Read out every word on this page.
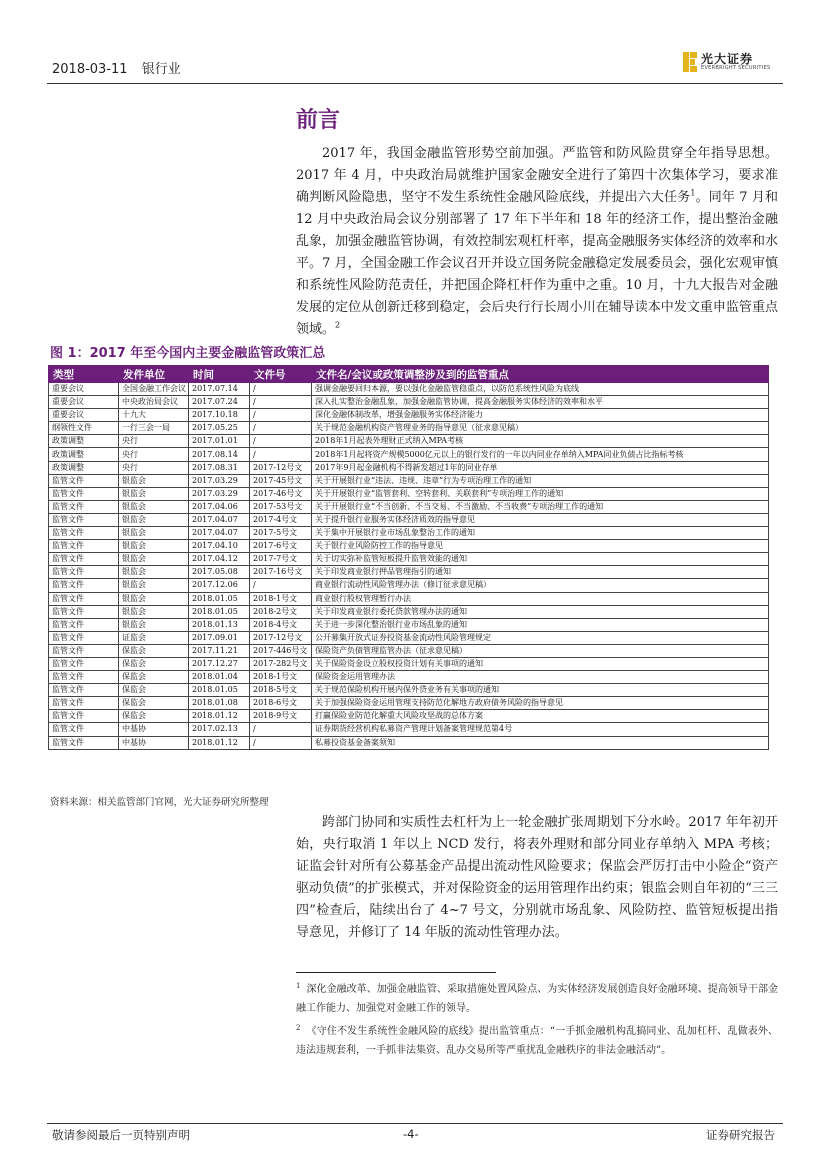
2018-03-11 银行业
光大证券
EVERBRIGHT SECURITIES
前言

2017 年，我国金融监管形势空前加强。严监管和防风险贯穿全年指导思想。2017 年 4 月，中央政治局就维护国家金融安全进行了第四十次集体学习，要求准确判断风险隐患，坚守不发生系统性金融风险底线，并提出六大任务$^1$。同年 7 月和 12 月中央政治局会议分别部署了 17 年下半年和 18 年的经济工作，提出整治金融乱象，加强金融监管协调，有效控制宏观杠杆率，提高金融服务实体经济的效率和水平。7 月，全国金融工作会议召开并设立国务院金融稳定发展委员会，强化宏观审慎和系统性风险防范责任，并把国企降杠杆作为重中之重。10 月，十九大报告对金融发展的定位从创新迁移到稳定，会后央行行长周小川在辅导读本中发文重申监管重点领域。$^2$

图 1：2017 年至今国内主要金融监管政策汇总
类型	发件单位	时间	文件号	文件名/会议或政策调整涉及到的监管重点
重要会议	全国金融工作会议	2017.07.14	/	强调金融要回归本源，要以强化金融监管稳重点，以防范系统性风险为底线
重要会议	中央政治局会议	2017.07.24	/	深入扎实整治金融乱象，加强金融监管协调，提高金融服务实体经济的效率和水平
重要会议	十九大	2017.10.18	/	深化金融体制改革，增强金融服务实体经济能力
纲领性文件	一行三会一局	2017.05.25	/	关于规范金融机构资产管理业务的指导意见（征求意见稿）
政策调整	央行	2017.01.01	/	2018年1月起表外理财正式纳入MPA考核
政策调整	央行	2017.08.14	/	2018年1月起将资产规模5000亿元以上的银行发行的一年以内同业存单纳入MPA同业负债占比指标考核
政策调整	央行	2017.08.31	2017-12号文	2017年9月起金融机构不得新发超过1年的同业存单
监管文件	银监会	2017.03.29	2017-45号文	关于开展银行业“违法、违规、违章”行为专项治理工作的通知
监管文件	银监会	2017.03.29	2017-46号文	关于开展银行业“监管套利、空转套利、关联套利”专项治理工作的通知
监管文件	银监会	2017.04.06	2017-53号文	关于开展银行业“不当创新、不当交易、不当激励、不当收费”专项治理工作的通知
监管文件	银监会	2017.04.07	2017-4号文	关于提升银行业服务实体经济质效的指导意见
监管文件	银监会	2017.04.07	2017-5号文	关于集中开展银行业市场乱象整治工作的通知
监管文件	银监会	2017.04.10	2017-6号文	关于银行业风险防控工作的指导意见
监管文件	银监会	2017.04.12	2017-7号文	关于切实弥补监管短板提升监管效能的通知
监管文件	银监会	2017.05.08	2017-16号文	关于印发商业银行押品管理指引的通知
监管文件	银监会	2017.12.06	/	商业银行流动性风险管理办法（修订征求意见稿）
监管文件	银监会	2018.01.05	2018-1号文	商业银行股权管理暂行办法
监管文件	银监会	2018.01.05	2018-2号文	关于印发商业银行委托贷款管理办法的通知
监管文件	银监会	2018.01.13	2018-4号文	关于进一步深化整治银行业市场乱象的通知
监管文件	证监会	2017.09.01	2017-12号文	公开募集开放式证券投资基金流动性风险管理规定
监管文件	保监会	2017.11.21	2017-446号文	保险资产负债管理监管办法（征求意见稿）
监管文件	保监会	2017.12.27	2017-282号文	关于保险资金设立股权投资计划有关事项的通知
监管文件	保监会	2018.01.04	2018-1号文	保险资金运用管理办法
监管文件	保监会	2018.01.05	2018-5号文	关于规范保险机构开展内保外贷业务有关事项的通知
监管文件	保监会	2018.01.08	2018-6号文	关于加强保险资金运用管理支持防范化解地方政府债务风险的指导意见
监管文件	保监会	2018.01.12	2018-9号文	打赢保险业防范化解重大风险攻坚战的总体方案
监管文件	中基协	2017.02.13	/	证券期货经营机构私募资产管理计划备案管理规范第4号
监管文件	中基协	2018.01.12	/	私募投资基金备案须知
资料来源：相关监管部门官网，光大证券研究所整理

跨部门协同和实质性去杠杆为上一轮金融扩张周期划下分水岭。2017 年年初开始，央行取消 1 年以上 NCD 发行，将表外理财和部分同业存单纳入 MPA 考核；证监会针对所有公募基金产品提出流动性风险要求；保监会严厉打击中小险企“资产驱动负债”的扩张模式，并对保险资金的运用管理作出约束；银监会则自年初的“三三四”检查后，陆续出台了 4~7 号文，分别就市场乱象、风险防控、监管短板提出指导意见，并修订了 14 年版的流动性管理办法。

$^1$ 深化金融改革、加强金融监管、采取措施处置风险点、为实体经济发展创造良好金融环境、提高领导干部金融工作能力、加强党对金融工作的领导。

$^2$ 《守住不发生系统性金融风险的底线》提出监管重点：“一手抓金融机构乱搞同业、乱加杠杆、乱做表外、违法违规套利，一手抓非法集资、乱办交易所等严重扰乱金融秩序的非法金融活动”。

敬请参阅最后一页特别声明	-4-	证券研究报告
